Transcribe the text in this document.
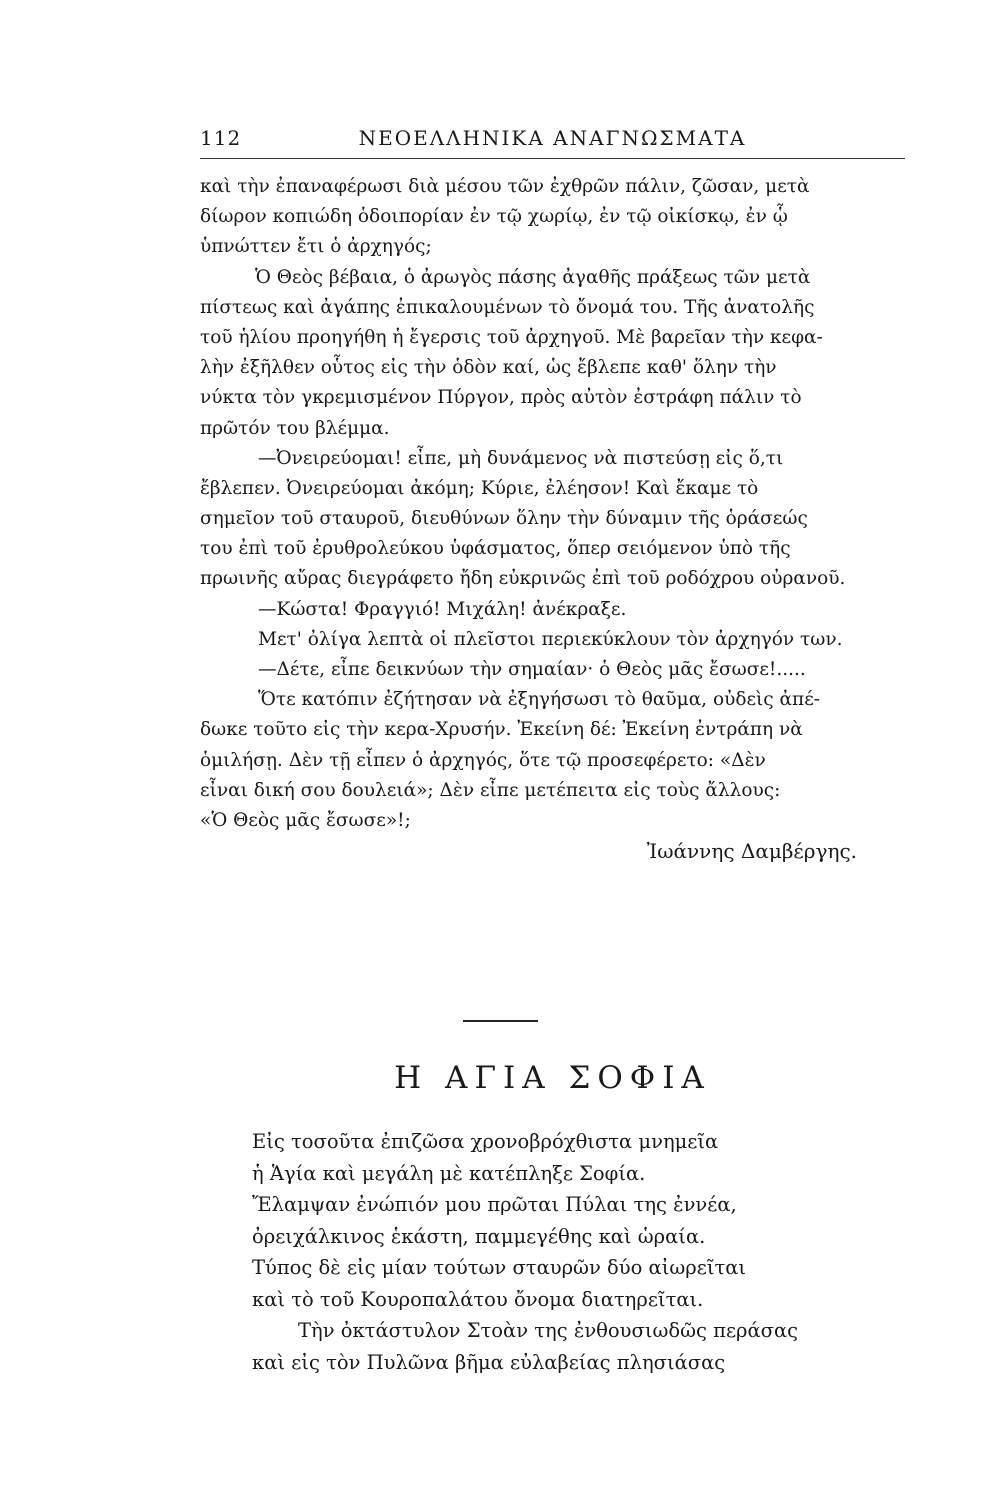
112	ΝΕΟΕΛΛΗΝΙΚΑ ΑΝΑΓΝΩΣΜΑΤΑ
καὶ τὴν ἐπαναφέρωσι διὰ μέσου τῶν ἐχθρῶν πάλιν, ζῶσαν, μετὰ
δίωρον κοπιώδη ὁδοιπορίαν ἐν τῷ χωρίῳ, ἐν τῷ οἰκίσκῳ, ἐν ᾧ
ὑπνώττεν ἔτι ὁ ἀρχηγός;
Ὁ Θεὸς βέβαια, ὁ ἀρωγὸς πάσης ἀγαθῆς πράξεως τῶν μετὰ
πίστεως καὶ ἀγάπης ἐπικαλουμένων τὸ ὄνομά του. Τῆς ἀνατολῆς
τοῦ ἡλίου προηγήθη ἡ ἔγερσις τοῦ ἀρχηγοῦ. Μὲ βαρεῖαν τὴν κεφα-
λὴν ἐξῆλθεν οὗτος εἰς τὴν ὁδὸν καί, ὡς ἔβλεπε καθ' ὅλην τὴν
νύκτα τὸν γκρεμισμένον Πύργον, πρὸς αὐτὸν ἐστράφη πάλιν τὸ
πρῶτόν του βλέμμα.
—Ὀνειρεύομαι! εἶπε, μὴ δυνάμενος νὰ πιστεύσῃ εἰς ὅ,τι
ἔβλεπεν. Ὀνειρεύομαι ἀκόμη; Κύριε, ἐλέησον! Καὶ ἔκαμε τὸ
σημεῖον τοῦ σταυροῦ, διευθύνων ὅλην τὴν δύναμιν τῆς ὁράσεώς
του ἐπὶ τοῦ ἐρυθρολεύκου ὑφάσματος, ὅπερ σειόμενον ὑπὸ τῆς
πρωινῆς αὔρας διεγράφετο ἤδη εὐκρινῶς ἐπὶ τοῦ ροδόχρου οὐρανοῦ.
—Κώστα! Φραγγιό! Μιχάλη! ἀνέκραξε.
Μετ' ὀλίγα λεπτὰ οἱ πλεῖστοι περιεκύκλουν τὸν ἀρχηγόν των.
—Δέτε, εἶπε δεικνύων τὴν σημαίαν· ὁ Θεὸς μᾶς ἔσωσε!.....
Ὅτε κατόπιν ἐζήτησαν νὰ ἐξηγήσωσι τὸ θαῦμα, οὐδεὶς ἀπέ-
δωκε τοῦτο εἰς τὴν κερα-Χρυσήν. Ἐκείνη δέ: Ἐκείνη ἐντράπη νὰ
ὁμιλήσῃ. Δὲν τῇ εἶπεν ὁ ἀρχηγός, ὅτε τῷ προσεφέρετο: «Δὲν
εἶναι δική σου δουλειά»; Δὲν εἶπε μετέπειτα εἰς τοὺς ἄλλους:
«Ὁ Θεὸς μᾶς ἔσωσε»!;
Ἰωάννης Δαμβέργης.
Η ΑΓΙΑ ΣΟΦΙΑ
Εἰς τοσοῦτα ἐπιζῶσα χρονοβρόχθιστα μνημεῖα
ἡ Ἁγία καὶ μεγάλη μὲ κατέπληξε Σοφία.
Ἔλαμψαν ἐνώπιόν μου πρῶται Πύλαι της ἐννέα,
ὀρειχάλκινος ἑκάστη, παμμεγέθης καὶ ὡραία.
Τύπος δὲ εἰς μίαν τούτων σταυρῶν δύο αἰωρεῖται
καὶ τὸ τοῦ Κουροπαλάτου ὄνομα διατηρεῖται.
Τὴν ὀκτάστυλον Στοὰν της ἐνθουσιωδῶς περάσας
καὶ εἰς τὸν Πυλῶνα βῆμα εὐλαβείας πλησιάσας
